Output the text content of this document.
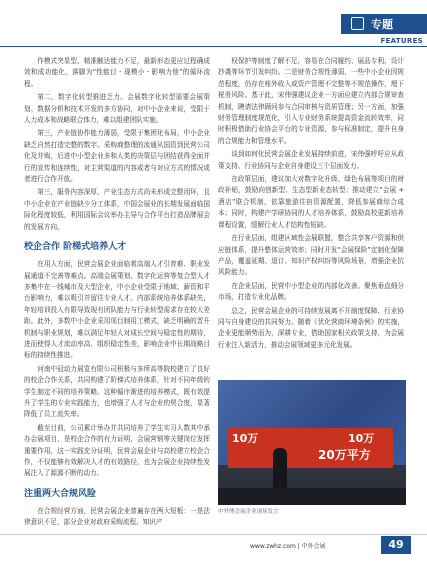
专题
FEATURES

作模式突显型、精准触达能力不足，最新形态更应过程确成效和成功能化，落脚为“性能目 - 现模小 - 影响力他”的循环流程。

第二，数字化转型推进乏力。会展数字化转型需要会展策划、数据分析和技术开发的多方协同，对中小企业来说，受限于人力成本和战略联合体力，难以组建团队实施。

第三，产业链协作能力薄弱，受限于集团化布局，中小企业缺乏自然打造完整的数字。采购商整理的流通从国资到民营公司化及并购，后进中小型企业多和人类的决策层与团结获得全面并行的宣传和连续性，对主营渠道的内容或者与对应方式的情况或者进行合作开放。

第三，服务内容深厚，产业生态方式尚未形成完整闭环，且中小企业在产业链缺少分工体系，中国会展业的长期发展面临国际化程度较低，利用国际会议举办主导与合作平台打造品牌展会的发展方向。

校企合作 阶梯式培养人才

在用人方面，民营会展企业面临着高端人才引育难、职业发展通道不完善等难点。高端会展策划、数字化运营等复合型人才多集中在一线城市及大型企业，中小企业受限于地域、薪资和平台影响力，难以吸引并留住专业人才。内部系统培养体系缺失，年轻培训投入有限导致现有团队能力与行业转型需求存在较大差距。此外，多数中小企业采用项目制用工模式，缺乏明确的晋升机制与职业规划，难以满足年轻人对成长空间与稳定性的期待，进而使得人才流动率高、组织稳定性差，影响企业中长期战略目标的持续性推进。

河南中冠动力展览有限公司积极与多所高等院校建立了良好的校企合作关系，共同构建了阶梯式培养体系，针对不同年级的学生制定不同的培养策略。这种循序渐进的培养模式，既有效提升了学生的专业实践能力，也增强了人才与企业的契合度，显著降低了员工流失率。

截至目前，公司累计举办并共同培养了学生实习人数其中承办会展项目，是校企合作的有力证明，会展营销等关键岗位发挥重要作用，这一实践充分证明，民营会展企业与高校建立校企合作，不仅能够有效解决人才的有效路径，也为会展企业持续性发展注入了源源不断的动力。

注重两大合规风险

在合规经营方面，民营会展企业普遍存在两大短板：一是法律意识不足，部分企业对政府采购流程、知识产

权保护等制度了解不足，容易在合同履约、展品专利、设计抄袭等环节引发纠纷。二是财务合规性薄弱，一些中小企业因规范程度，仍存在账外收入或资产管理不完整等不规范操作，埋下税务风险。基于此，宋伟强建议企业一方面应建立内部合规审查机制，聘请法律顾问参与合同审核与资质管理；另一方面，加强财务管理制度规范化，引入专业财务系统提高资金流转效率，同时积极借助行业协会平台的专业资源，参与标准制定，提升自身的合规能力和管理水平。

谈到如何化民营会展企业发展持续前进，宋伟强呼吁应从政策支持、行业协同与企业自身建设三个层面发力。

在政策层面，建议加大对数字化升级、绿色布展等项目的财政补贴，鼓励向创新型、生态型新业态转型；推动建立“会展 + 酒店”联合机制，依靠旅游住宿资源配置，降低参展商综合成本；同时，构建产学研协同的人才培养体系，鼓励高校更新培养课程设置，缓解行业人才结构性短缺。

在行业层面，组建区域性会展联盟，整合共享客户资源和供应链体系，提升整体运营效率；同时开发“会展保险”定制化保障产品，覆盖延期、退订、知识产权纠纷等风险场景，增强企业抗风险能力。

在企业层面，民营中小型企业的内部化改善。聚焦垂直细分市场，打造专业化品牌。

总之，民营会展企业的可持续发展离不开制度保障、行业协同与自身建设的共同努力。随着《优化营商环境条例》的实施，企业更能顺势而为，深耕专业，借助国家相关政策支持，为会展行业注入新活力，推动会展领域更多元化发展。

10万	10万
20万平方
中外博会展企业现场发言
www.zwhz.com | 中外会展	49
